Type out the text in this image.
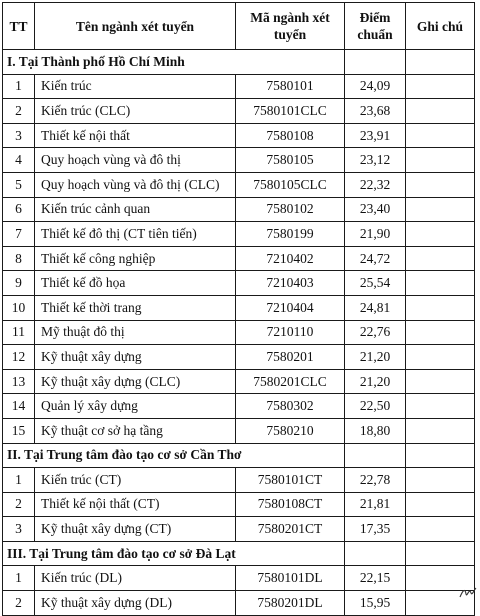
TT	Tên ngành xét tuyển	Mã ngành xét tuyển	Điểm chuẩn	Ghi chú
I. Tại Thành phố Hồ Chí Minh				
1	Kiến trúc	7580101	24,09	
2	Kiến trúc (CLC)	7580101CLC	23,68	
3	Thiết kế nội thất	7580108	23,91	
4	Quy hoạch vùng và đô thị	7580105	23,12	
5	Quy hoạch vùng và đô thị (CLC)	7580105CLC	22,32	
6	Kiến trúc cảnh quan	7580102	23,40	
7	Thiết kế đô thị (CT tiên tiến)	7580199	21,90	
8	Thiết kế công nghiệp	7210402	24,72	
9	Thiết kế đồ họa	7210403	25,54	
10	Thiết kế thời trang	7210404	24,81	
11	Mỹ thuật đô thị	7210110	22,76	
12	Kỹ thuật xây dựng	7580201	21,20	
13	Kỹ thuật xây dựng (CLC)	7580201CLC	21,20	
14	Quản lý xây dựng	7580302	22,50	
15	Kỹ thuật cơ sở hạ tầng	7580210	18,80	
II. Tại Trung tâm đào tạo cơ sở Cần Thơ				
1	Kiến trúc (CT)	7580101CT	22,78	
2	Thiết kế nội thất (CT)	7580108CT	21,81	
3	Kỹ thuật xây dựng (CT)	7580201CT	17,35	
III. Tại Trung tâm đào tạo cơ sở Đà Lạt				
1	Kiến trúc (DL)	7580101DL	22,15	
2	Kỹ thuật xây dựng (DL)	7580201DL	15,95	
